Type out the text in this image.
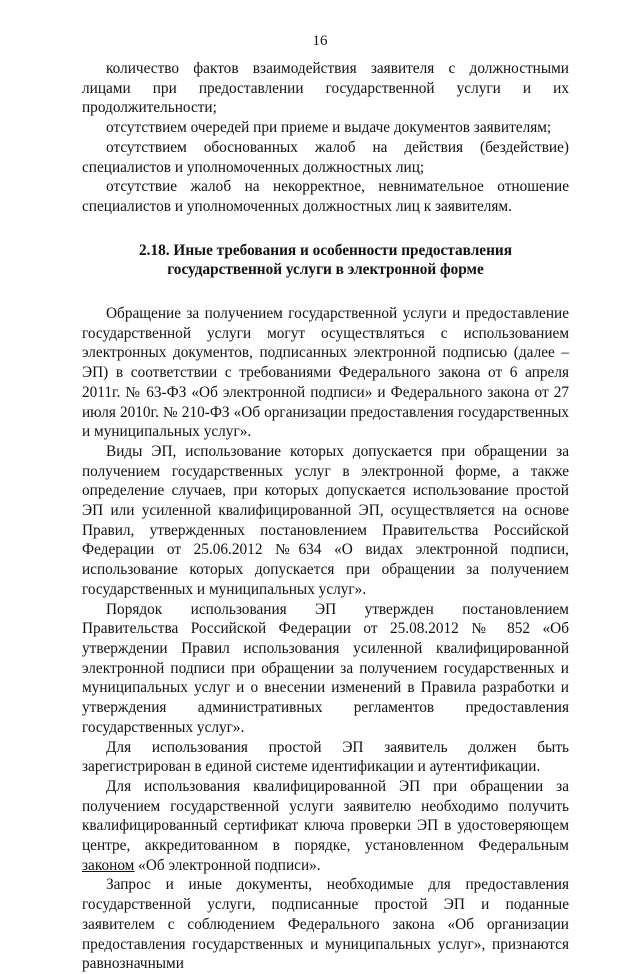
16

количество фактов взаимодействия заявителя с должностными лицами при предоставлении государственной услуги и их продолжительности;

отсутствием очередей при приеме и выдаче документов заявителям;

отсутствием обоснованных жалоб на действия (бездействие) специалистов и уполномоченных должностных лиц;

отсутствие жалоб на некорректное, невнимательное отношение специалистов и уполномоченных должностных лиц к заявителям.

2.18. Иные требования и особенности предоставления государственной услуги в электронной форме

Обращение за получением государственной услуги и предоставление государственной услуги могут осуществляться с использованием электронных документов, подписанных электронной подписью (далее – ЭП) в соответствии с требованиями Федерального закона от 6 апреля 2011г. № 63-ФЗ «Об электронной подписи» и Федерального закона от 27 июля 2010г. № 210-ФЗ «Об организации предоставления государственных и муниципальных услуг».

Виды ЭП, использование которых допускается при обращении за получением государственных услуг в электронной форме, а также определение случаев, при которых допускается использование простой ЭП или усиленной квалифицированной ЭП, осуществляется на основе Правил, утвержденных постановлением Правительства Российской Федерации от 25.06.2012 №634 «О видах электронной подписи, использование которых допускается при обращении за получением государственных и муниципальных услуг».

Порядок использования ЭП утвержден постановлением Правительства Российской Федерации от 25.08.2012 № 852 «Об утверждении Правил использования усиленной квалифицированной электронной подписи при обращении за получением государственных и муниципальных услуг и о внесении изменений в Правила разработки и утверждения административных регламентов предоставления государственных услуг».

Для использования простой ЭП заявитель должен быть зарегистрирован в единой системе идентификации и аутентификации.

Для использования квалифицированной ЭП при обращении за получением государственной услуги заявителю необходимо получить квалифицированный сертификат ключа проверки ЭП в удостоверяющем центре, аккредитованном в порядке, установленном Федеральным законом «Об электронной подписи».

Запрос и иные документы, необходимые для предоставления государственной услуги, подписанные простой ЭП и поданные заявителем с соблюдением Федерального закона «Об организации предоставления государственных и муниципальных услуг», признаются равнозначными
